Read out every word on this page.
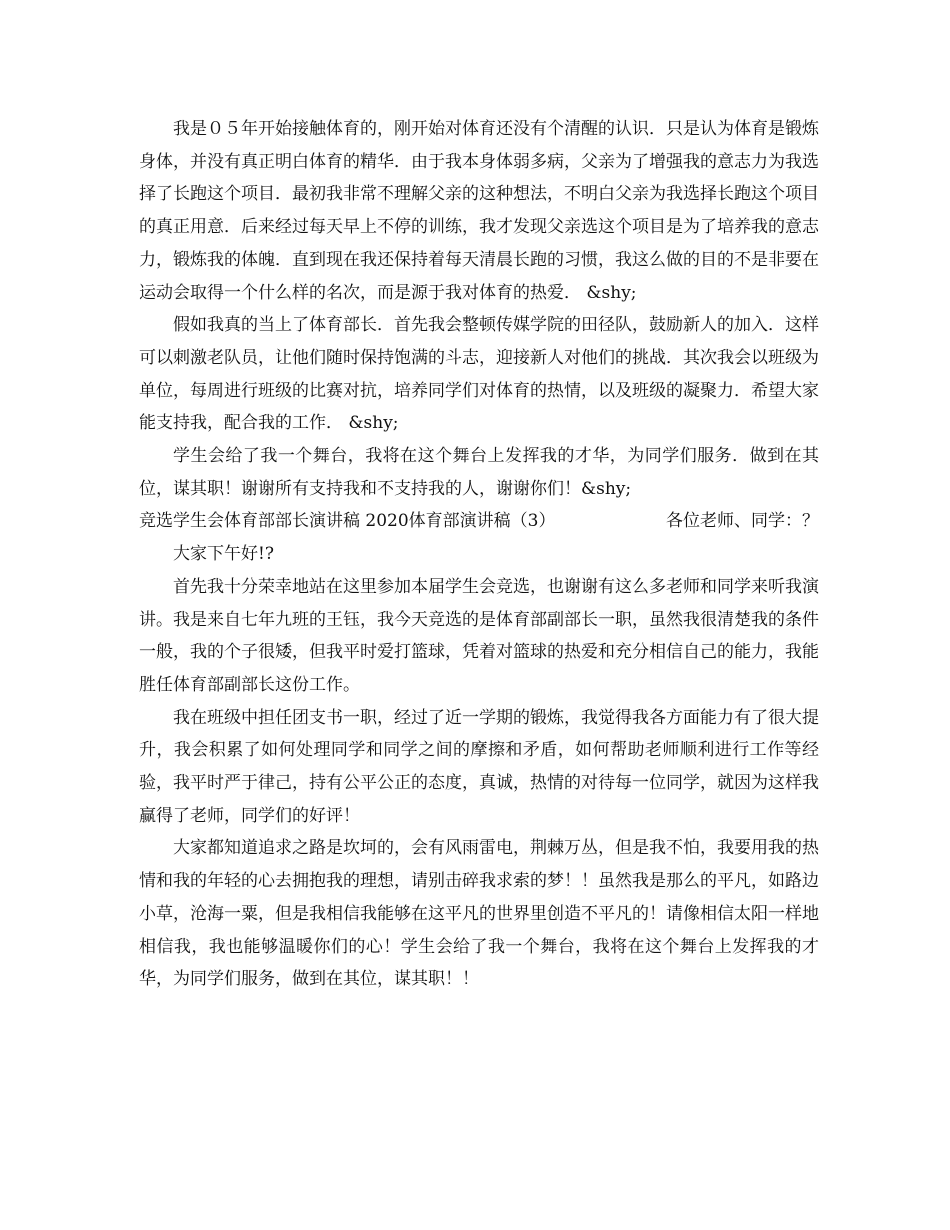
我是０５年开始接触体育的，刚开始对体育还没有个清醒的认识．只是认为体育是锻炼身体，并没有真正明白体育的精华．由于我本身体弱多病，父亲为了增强我的意志力为我选择了长跑这个项目．最初我非常不理解父亲的这种想法，不明白父亲为我选择长跑这个项目的真正用意．后来经过每天早上不停的训练，我才发现父亲选这个项目是为了培养我的意志力，锻炼我的体魄．直到现在我还保持着每天清晨长跑的习惯，我这么做的目的不是非要在运动会取得一个什么样的名次，而是源于我对体育的热爱． &shy;

假如我真的当上了体育部长．首先我会整顿传媒学院的田径队，鼓励新人的加入．这样可以刺激老队员，让他们随时保持饱满的斗志，迎接新人对他们的挑战．其次我会以班级为单位，每周进行班级的比赛对抗，培养同学们对体育的热情，以及班级的凝聚力．希望大家能支持我，配合我的工作． &shy;

学生会给了我一个舞台，我将在这个舞台上发挥我的才华，为同学们服务．做到在其位，谋其职！谢谢所有支持我和不支持我的人，谢谢你们！&shy;

竞选学生会体育部部长演讲稿 2020体育部演讲稿（3）	各位老师、同学：？

大家下午好!?

首先我十分荣幸地站在这里参加本届学生会竞选，也谢谢有这么多老师和同学来听我演讲。我是来自七年九班的王钰，我今天竞选的是体育部副部长一职，虽然我很清楚我的条件一般，我的个子很矮，但我平时爱打篮球，凭着对篮球的热爱和充分相信自己的能力，我能胜任体育部副部长这份工作。

我在班级中担任团支书一职，经过了近一学期的锻炼，我觉得我各方面能力有了很大提升，我会积累了如何处理同学和同学之间的摩擦和矛盾，如何帮助老师顺利进行工作等经验，我平时严于律己，持有公平公正的态度，真诚，热情的对待每一位同学，就因为这样我赢得了老师，同学们的好评！

大家都知道追求之路是坎坷的，会有风雨雷电，荆棘万丛，但是我不怕，我要用我的热情和我的年轻的心去拥抱我的理想，请别击碎我求索的梦！！虽然我是那么的平凡，如路边小草，沧海一粟，但是我相信我能够在这平凡的世界里创造不平凡的！请像相信太阳一样地相信我，我也能够温暖你们的心！学生会给了我一个舞台，我将在这个舞台上发挥我的才华，为同学们服务，做到在其位，谋其职！！
